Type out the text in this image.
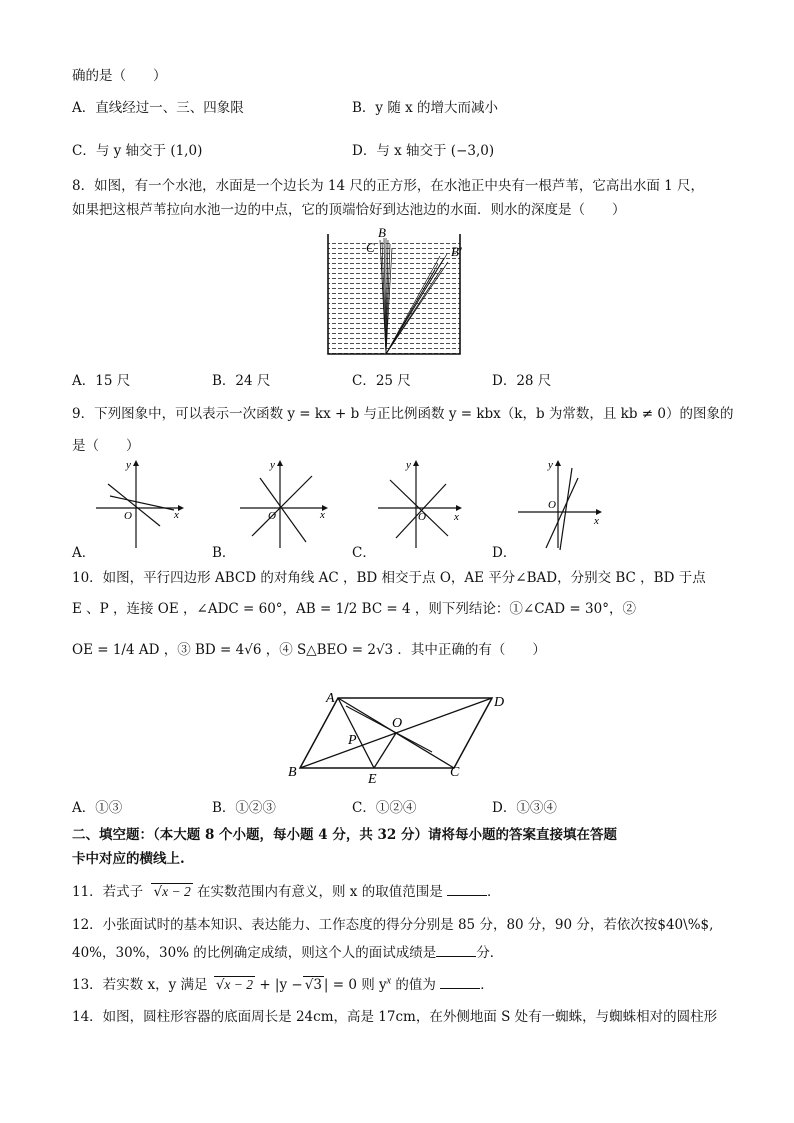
确的是（　　）
A．直线经过一、三、四象限	B．y 随 x 的增大而减小
C．与 y 轴交于 (1,0)	D．与 x 轴交于 (−3,0)
8．如图，有一个水池，水面是一个边长为 14 尺的正方形，在水池正中央有一根芦苇，它高出水面 1 尺，
如果把这根芦苇拉向水池一边的中点，它的顶端恰好到达池边的水面．则水的深度是（　　）
B
C	B′
A．15 尺	B．24 尺	C．25 尺	D．28 尺
9．下列图象中，可以表示一次函数 y = kx + b 与正比例函数 y = kbx（k，b 为常数，且 kb ≠ 0）的图象的
是（　　）
y
x
O
y
x
O
y
x
O
y
x
O
A．	B．	C．	D．
10．如图，平行四边形 ABCD 的对角线 AC ，BD 相交于点 O，AE 平分∠BAD，分别交 BC ，BD 于点
E 、P ，连接 OE ，∠ADC = 60°，AB = 1/2 BC = 4 ，则下列结论：①∠CAD = 30°，②
OE = 1/4 AD ，③ BD = 4√6 ，④ S△BEO = 2√3 ．其中正确的有（　　）
A	D
B	C
O
P
E
A．①③	B．①②③	C．①②④	D．①③④
二、填空题：（本大题 8 个小题，每小题 4 分，共 32 分）请将每小题的答案直接填在答题
卡中对应的横线上.
11．若式子 √x − 2 在实数范围内有意义，则 x 的取值范围是	．
12．小张面试时的基本知识、表达能力、工作态度的得分分别是 85 分，80 分，90 分，若依次按$40\%$,
40%，30%，30% 的比例确定成绩，则这个人的面试成绩是	分．
13．若实数 x，y 满足 √x − 2 + |y − √3 | = 0 则 $y^x$ 的值为	．
14．如图，圆柱形容器的底面周长是 24cm，高是 17cm，在外侧地面 S 处有一蜘蛛，与蜘蛛相对的圆柱形
